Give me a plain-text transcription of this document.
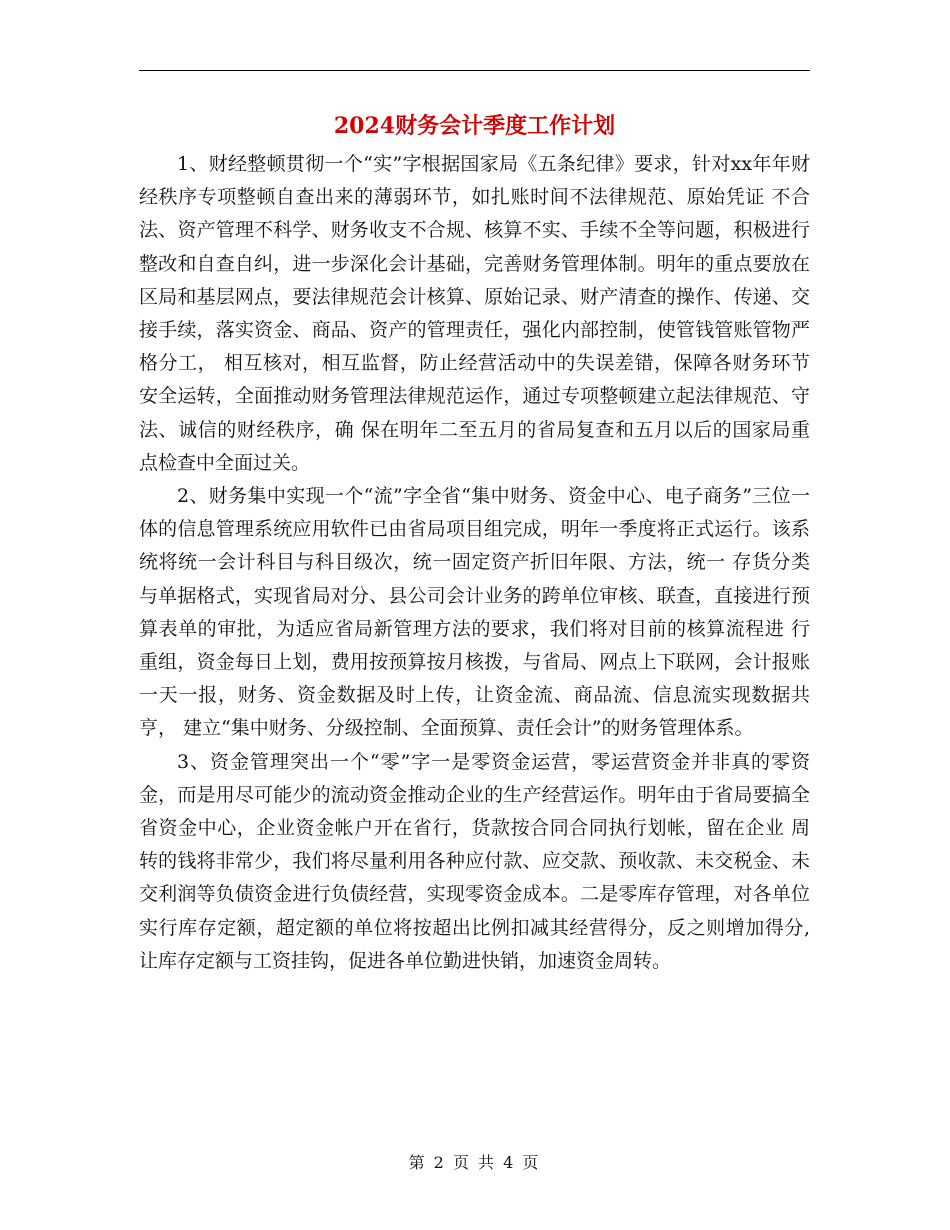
2024财务会计季度工作计划

1、财经整顿贯彻一个“实”字根据国家局《五条纪律》要求，针对xx年年财经秩序专项整顿自查出来的薄弱环节，如扎账时间不法律规范、原始凭证 不合法、资产管理不科学、财务收支不合规、核算不实、手续不全等问题，积极进行整改和自查自纠，进一步深化会计基础，完善财务管理体制。明年的重点要放在 区局和基层网点，要法律规范会计核算、原始记录、财产清查的操作、传递、交接手续，落实资金、商品、资产的管理责任，强化内部控制，使管钱管账管物严格分工， 相互核对，相互监督，防止经营活动中的失误差错，保障各财务环节安全运转，全面推动财务管理法律规范运作，通过专项整顿建立起法律规范、守法、诚信的财经秩序，确 保在明年二至五月的省局复查和五月以后的国家局重点检查中全面过关。

2、财务集中实现一个“流”字全省“集中财务、资金中心、电子商务”三位一体的信息管理系统应用软件已由省局项目组完成，明年一季度将正式运行。该系统将统一会计科目与科目级次，统一固定资产折旧年限、方法，统一 存货分类与单据格式，实现省局对分、县公司会计业务的跨单位审核、联查，直接进行预算表单的审批，为适应省局新管理方法的要求，我们将对目前的核算流程进 行重组，资金每日上划，费用按预算按月核拨，与省局、网点上下联网，会计报账一天一报，财务、资金数据及时上传，让资金流、商品流、信息流实现数据共亨， 建立“集中财务、分级控制、全面预算、责任会计”的财务管理体系。

3、资金管理突出一个“零”字一是零资金运营，零运营资金并非真的零资金，而是用尽可能少的流动资金推动企业的生产经营运作。明年由于省局要搞全省资金中心，企业资金帐户开在省行，货款按合同合同执行划帐，留在企业 周转的钱将非常少，我们将尽量利用各种应付款、应交款、预收款、未交税金、未交利润等负债资金进行负债经营，实现零资金成本。二是零库存管理，对各单位实行库存定额，超定额的单位将按超出比例扣减其经营得分，反之则增加得分,让库存定额与工资挂钩，促进各单位勤进快销，加速资金周转。

第 2 页 共 4 页
